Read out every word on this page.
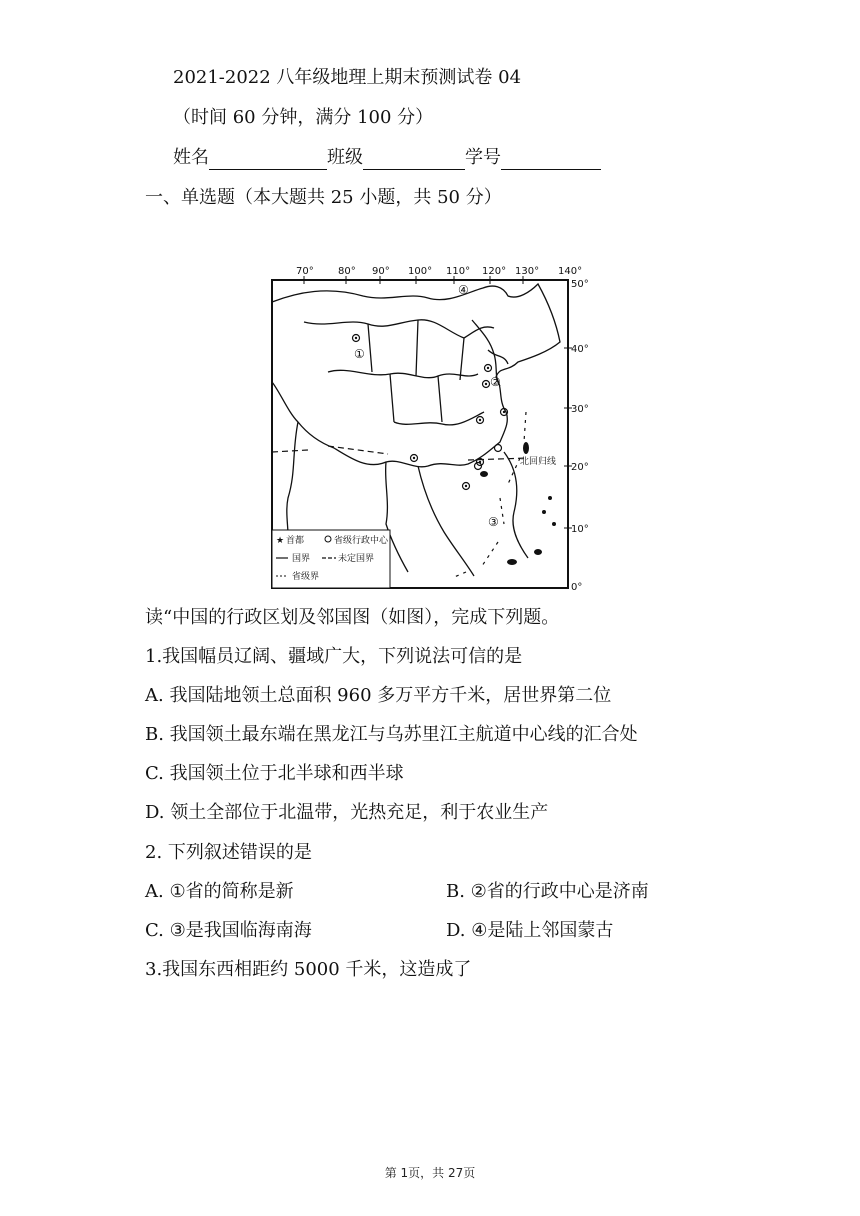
2021-2022 八年级地理上期末预测试卷 04
（时间 60 分钟，满分 100 分）
姓名	班级	学号
一、单选题（本大题共 25 小题，共 50 分）
70° 80° 90° 100° 110° 120° 130° 140°
50°
40°
30°
20°
10°
0°
①
②
③
④
北回归线
★ 首都	省级行政中心
国界	未定国界
省级界
读“中国的行政区划及邻国图（如图），完成下列题。
1.我国幅员辽阔、疆域广大，下列说法可信的是
A. 我国陆地领土总面积 960 多万平方千米，居世界第二位
B. 我国领土最东端在黑龙江与乌苏里江主航道中心线的汇合处
C. 我国领土位于北半球和西半球
D. 领土全部位于北温带，光热充足，利于农业生产
2. 下列叙述错误的是
A. ①省的简称是新	B. ②省的行政中心是济南
C. ③是我国临海南海	D. ④是陆上邻国蒙古
3.我国东西相距约 5000 千米，这造成了
第 1页，共 27页
